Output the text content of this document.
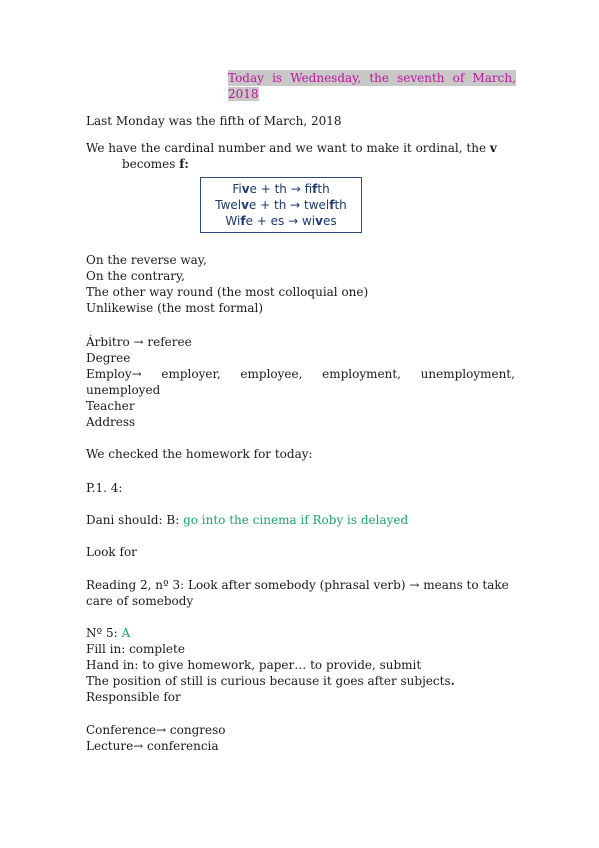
Today is Wednesday, the seventh of March,
2018
Last Monday was the fifth of March, 2018
We have the cardinal number and we want to make it ordinal, the v
becomes f:
Five + th → fifth
Twelve + th → twelfth
Wife + es → wives
On the reverse way,
On the contrary,
The other way round (the most colloquial one)
Unlikewise (the most formal)
Árbitro → referee
Degree
Employ→ employer, employee, employment, unemployment,
unemployed
Teacher
Address
We checked the homework for today:
P.1. 4:
Dani should: B: go into the cinema if Roby is delayed
Look for
Reading 2, nº 3: Look after somebody (phrasal verb) → means to take
care of somebody
Nº 5: A
Fill in: complete
Hand in: to give homework, paper… to provide, submit
The position of still is curious because it goes after subjects.
Responsible for
Conference→ congreso
Lecture→ conferencia
